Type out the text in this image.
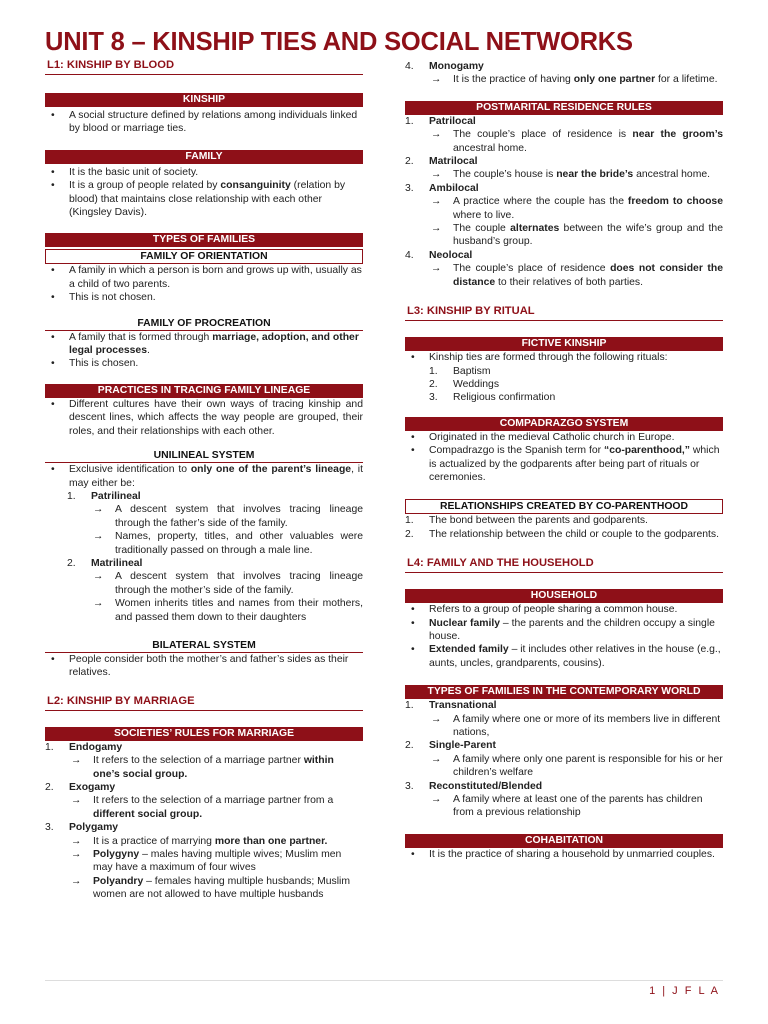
UNIT 8 – KINSHIP TIES AND SOCIAL NETWORKS
L1: KINSHIP BY BLOOD
KINSHIP
• A social structure defined by relations among individuals linked by blood or marriage ties.
FAMILY
• It is the basic unit of society.
• It is a group of people related by consanguinity (relation by blood) that maintains close relationship with each other (Kingsley Davis).
TYPES OF FAMILIES
FAMILY OF ORIENTATION
• A family in which a person is born and grows up with, usually as a child of two parents.
• This is not chosen.
FAMILY OF PROCREATION
• A family that is formed through marriage, adoption, and other legal processes.
• This is chosen.
PRACTICES IN TRACING FAMILY LINEAGE
• Different cultures have their own ways of tracing kinship and descent lines, which affects the way people are grouped, their roles, and their relationships with each other.
UNILINEAL SYSTEM
• Exclusive identification to only one of the parent’s lineage, it may either be:
1. Patrilineal
→ A descent system that involves tracing lineage through the father’s side of the family.
→ Names, property, titles, and other valuables were traditionally passed on through a male line.
2. Matrilineal
→ A descent system that involves tracing lineage through the mother’s side of the family.
→ Women inherits titles and names from their mothers, and passed them down to their daughters
BILATERAL SYSTEM
• People consider both the mother’s and father’s sides as their relatives.
L2: KINSHIP BY MARRIAGE
SOCIETIES’ RULES FOR MARRIAGE
1. Endogamy
→ It refers to the selection of a marriage partner within one’s social group.
2. Exogamy
→ It refers to the selection of a marriage partner from a different social group.
3. Polygamy
→ It is a practice of marrying more than one partner.
→ Polygyny – males having multiple wives; Muslim men may have a maximum of four wives
→ Polyandry – females having multiple husbands; Muslim women are not allowed to have multiple husbands
4. Monogamy
→ It is the practice of having only one partner for a lifetime.
POSTMARITAL RESIDENCE RULES
1. Patrilocal
→ The couple’s place of residence is near the groom’s ancestral home.
2. Matrilocal
→ The couple’s house is near the bride’s ancestral home.
3. Ambilocal
→ A practice where the couple has the freedom to choose where to live.
→ The couple alternates between the wife’s group and the husband’s group.
4. Neolocal
→ The couple’s place of residence does not consider the distance to their relatives of both parties.
L3: KINSHIP BY RITUAL
FICTIVE KINSHIP
• Kinship ties are formed through the following rituals:
1. Baptism
2. Weddings
3. Religious confirmation
COMPADRAZGO SYSTEM
• Originated in the medieval Catholic church in Europe.
• Compadrazgo is the Spanish term for “co-parenthood,” which is actualized by the godparents after being part of rituals or ceremonies.
RELATIONSHIPS CREATED BY CO-PARENTHOOD
1. The bond between the parents and godparents.
2. The relationship between the child or couple to the godparents.
L4: FAMILY AND THE HOUSEHOLD
HOUSEHOLD
• Refers to a group of people sharing a common house.
• Nuclear family – the parents and the children occupy a single house.
• Extended family – it includes other relatives in the house (e.g., aunts, uncles, grandparents, cousins).
TYPES OF FAMILIES IN THE CONTEMPORARY WORLD
1. Transnational
→ A family where one or more of its members live in different nations,
2. Single-Parent
→ A family where only one parent is responsible for his or her children’s welfare
3. Reconstituted/Blended
→ A family where at least one of the parents has children from a previous relationship
COHABITATION
• It is the practice of sharing a household by unmarried couples.
1 | J F L A
